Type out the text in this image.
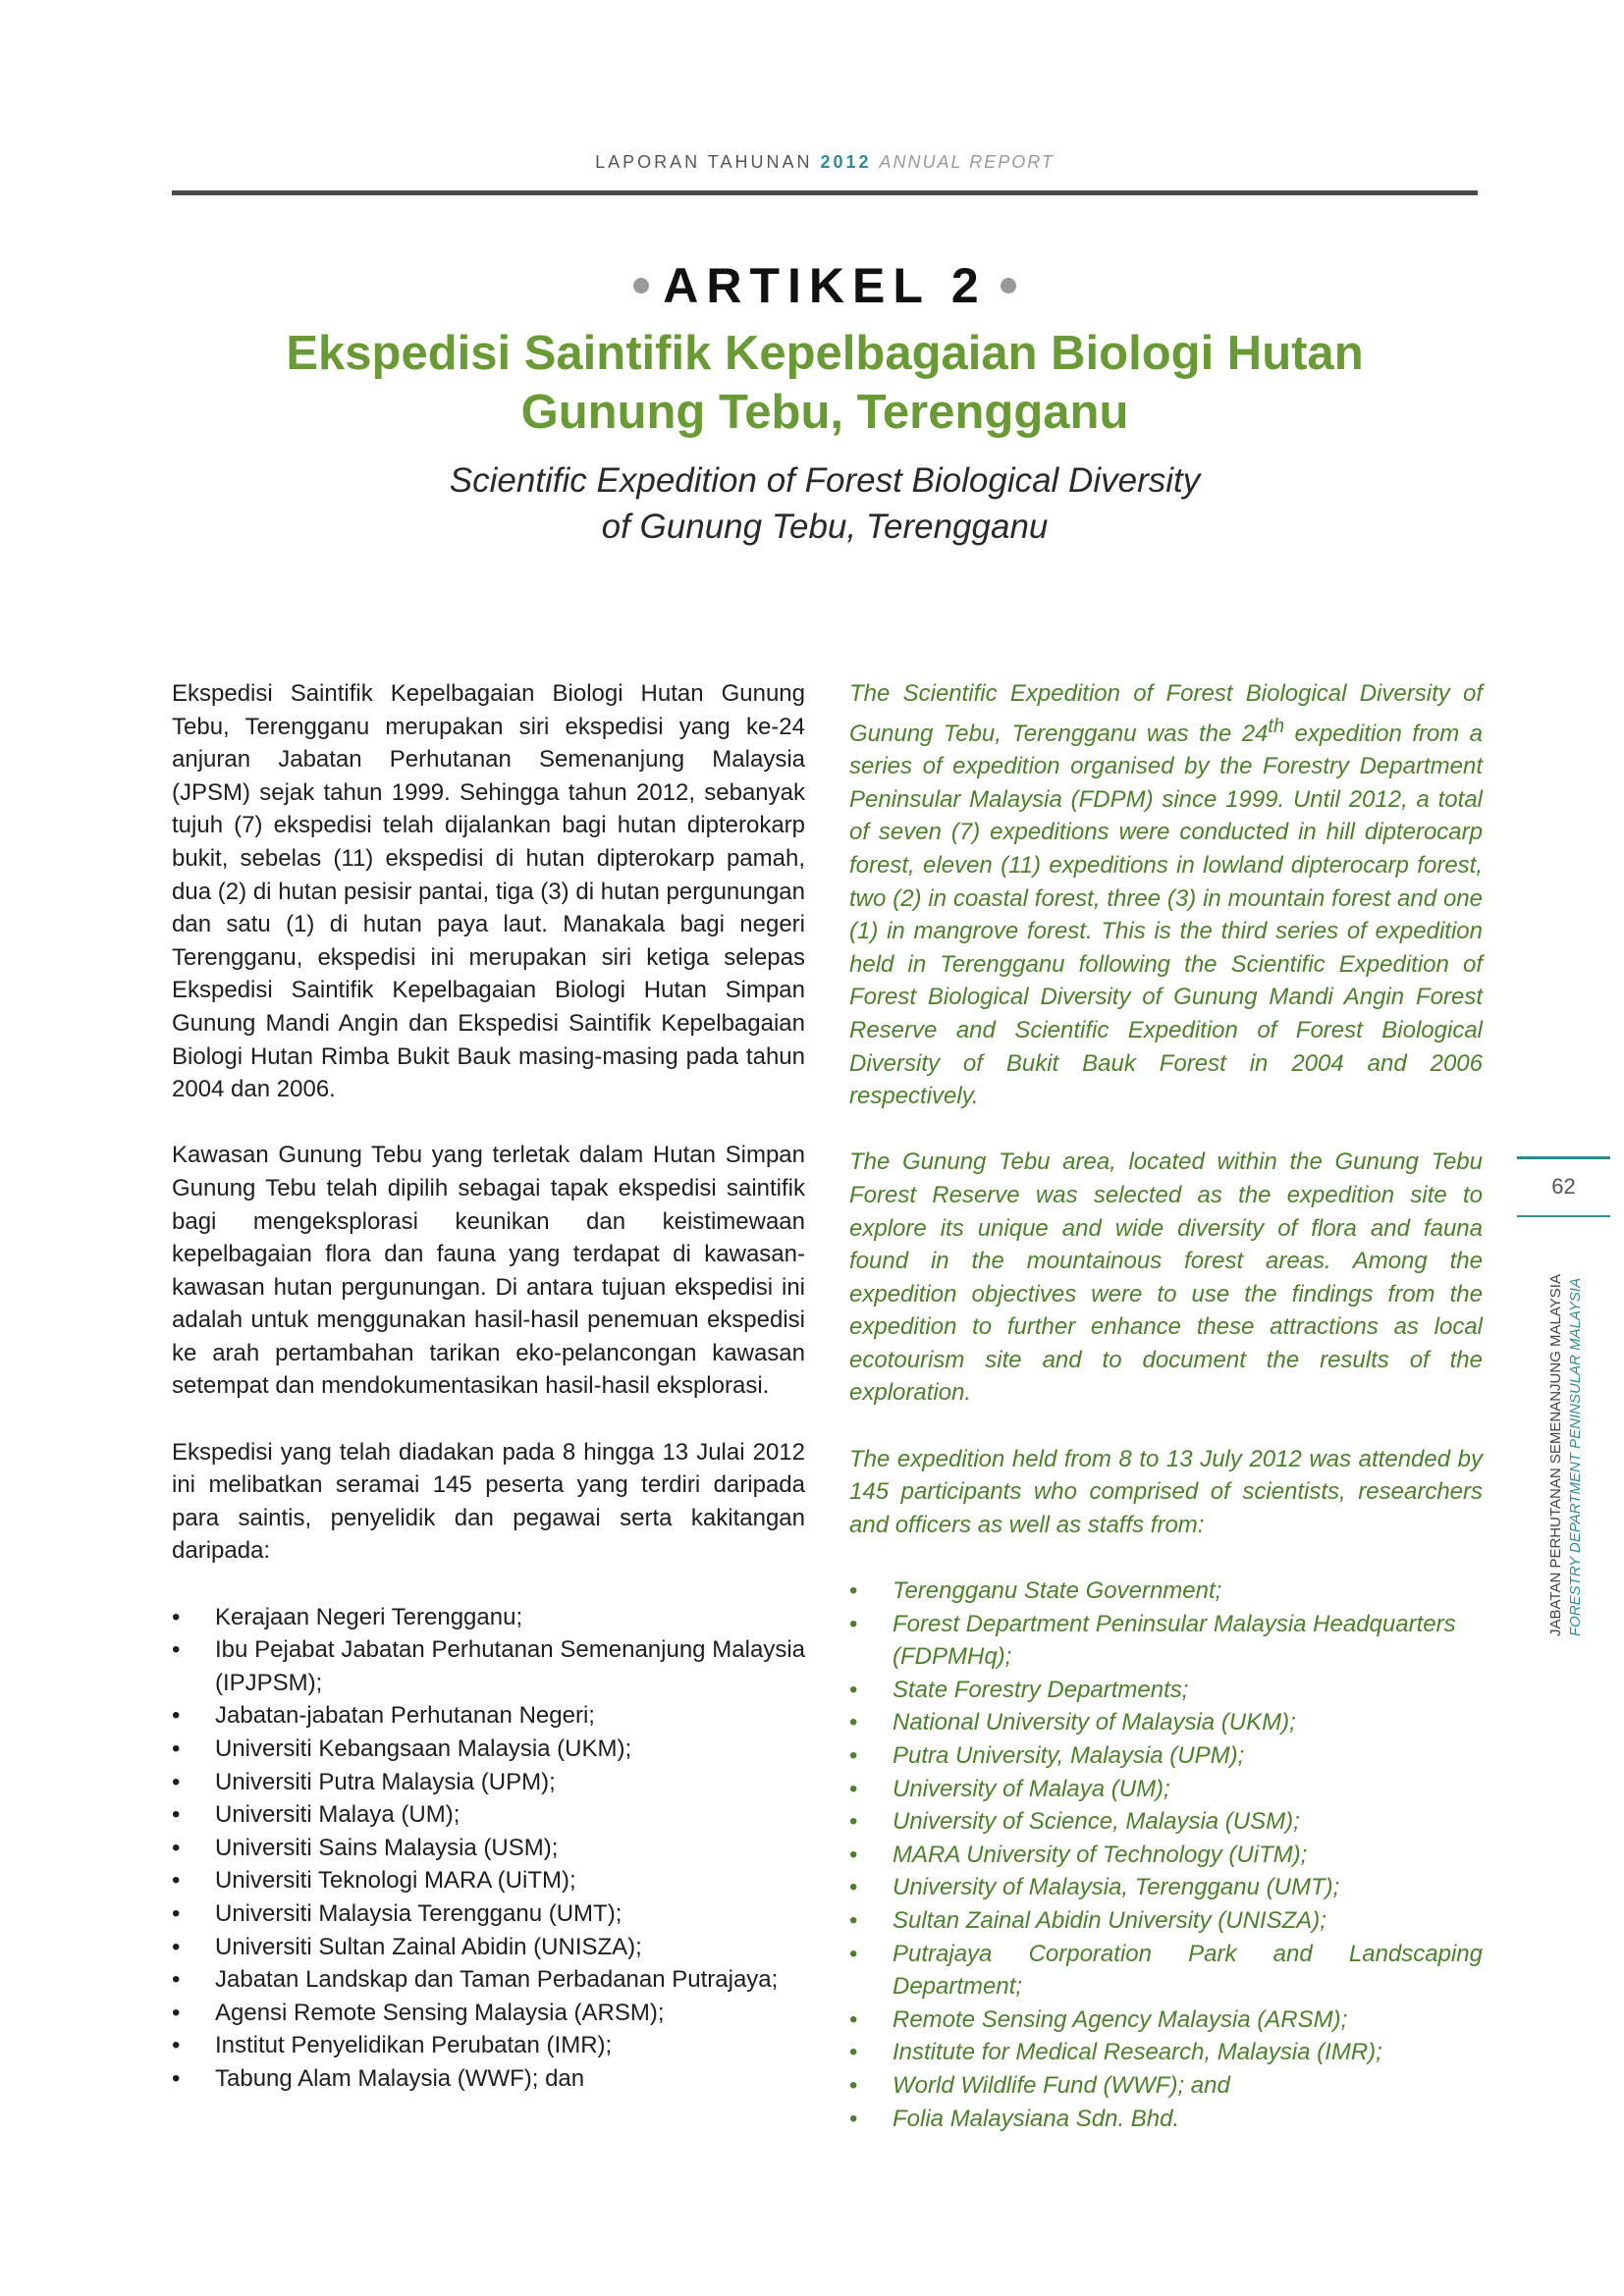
LAPORAN TAHUNAN 2012 ANNUAL REPORT
ARTIKEL 2
Ekspedisi Saintifik Kepelbagaian Biologi Hutan
Gunung Tebu, Terengganu
Scientific Expedition of Forest Biological Diversity
of Gunung Tebu, Terengganu

Ekspedisi Saintifik Kepelbagaian Biologi Hutan Gunung Tebu, Terengganu merupakan siri ekspedisi yang ke-24 anjuran Jabatan Perhutanan Semenanjung Malaysia (JPSM) sejak tahun 1999. Sehingga tahun 2012, sebanyak tujuh (7) ekspedisi telah dijalankan bagi hutan dipterokarp bukit, sebelas (11) ekspedisi di hutan dipterokarp pamah, dua (2) di hutan pesisir pantai, tiga (3) di hutan pergunungan dan satu (1) di hutan paya laut. Manakala bagi negeri Terengganu, ekspedisi ini merupakan siri ketiga selepas Ekspedisi Saintifik Kepelbagaian Biologi Hutan Simpan Gunung Mandi Angin dan Ekspedisi Saintifik Kepelbagaian Biologi Hutan Rimba Bukit Bauk masing-masing pada tahun 2004 dan 2006.

Kawasan Gunung Tebu yang terletak dalam Hutan Simpan Gunung Tebu telah dipilih sebagai tapak ekspedisi saintifik bagi mengeksplorasi keunikan dan keistimewaan kepelbagaian flora dan fauna yang terdapat di kawasan-kawasan hutan pergunungan. Di antara tujuan ekspedisi ini adalah untuk menggunakan hasil-hasil penemuan ekspedisi ke arah pertambahan tarikan eko-pelancongan kawasan setempat dan mendokumentasikan hasil-hasil eksplorasi.

Ekspedisi yang telah diadakan pada 8 hingga 13 Julai 2012 ini melibatkan seramai 145 peserta yang terdiri daripada para saintis, penyelidik dan pegawai serta kakitangan daripada:

• Kerajaan Negeri Terengganu;
• Ibu Pejabat Jabatan Perhutanan Semenanjung Malaysia (IPJPSM);
• Jabatan-jabatan Perhutanan Negeri;
• Universiti Kebangsaan Malaysia (UKM);
• Universiti Putra Malaysia (UPM);
• Universiti Malaya (UM);
• Universiti Sains Malaysia (USM);
• Universiti Teknologi MARA (UiTM);
• Universiti Malaysia Terengganu (UMT);
• Universiti Sultan Zainal Abidin (UNISZA);
• Jabatan Landskap dan Taman Perbadanan Putrajaya;
• Agensi Remote Sensing Malaysia (ARSM);
• Institut Penyelidikan Perubatan (IMR);
• Tabung Alam Malaysia (WWF); dan

The Scientific Expedition of Forest Biological Diversity of Gunung Tebu, Terengganu was the 24th expedition from a series of expedition organised by the Forestry Department Peninsular Malaysia (FDPM) since 1999. Until 2012, a total of seven (7) expeditions were conducted in hill dipterocarp forest, eleven (11) expeditions in lowland dipterocarp forest, two (2) in coastal forest, three (3) in mountain forest and one (1) in mangrove forest. This is the third series of expedition held in Terengganu following the Scientific Expedition of Forest Biological Diversity of Gunung Mandi Angin Forest Reserve and Scientific Expedition of Forest Biological Diversity of Bukit Bauk Forest in 2004 and 2006 respectively.

The Gunung Tebu area, located within the Gunung Tebu Forest Reserve was selected as the expedition site to explore its unique and wide diversity of flora and fauna found in the mountainous forest areas. Among the expedition objectives were to use the findings from the expedition to further enhance these attractions as local ecotourism site and to document the results of the exploration.

The expedition held from 8 to 13 July 2012 was attended by 145 participants who comprised of scientists, researchers and officers as well as staffs from:

• Terengganu State Government;
• Forest Department Peninsular Malaysia Headquarters (FDPMHq);
• State Forestry Departments;
• National University of Malaysia (UKM);
• Putra University, Malaysia (UPM);
• University of Malaya (UM);
• University of Science, Malaysia (USM);
• MARA University of Technology (UiTM);
• University of Malaysia, Terengganu (UMT);
• Sultan Zainal Abidin University (UNISZA);
• Putrajaya Corporation Park and Landscaping Department;
• Remote Sensing Agency Malaysia (ARSM);
• Institute for Medical Research, Malaysia (IMR);
• World Wildlife Fund (WWF); and
• Folia Malaysiana Sdn. Bhd.
62
JABATAN PERHUTANAN SEMENANJUNG MALAYSIA FORESTRY DEPARTMENT PENINSULAR MALAYSIA
